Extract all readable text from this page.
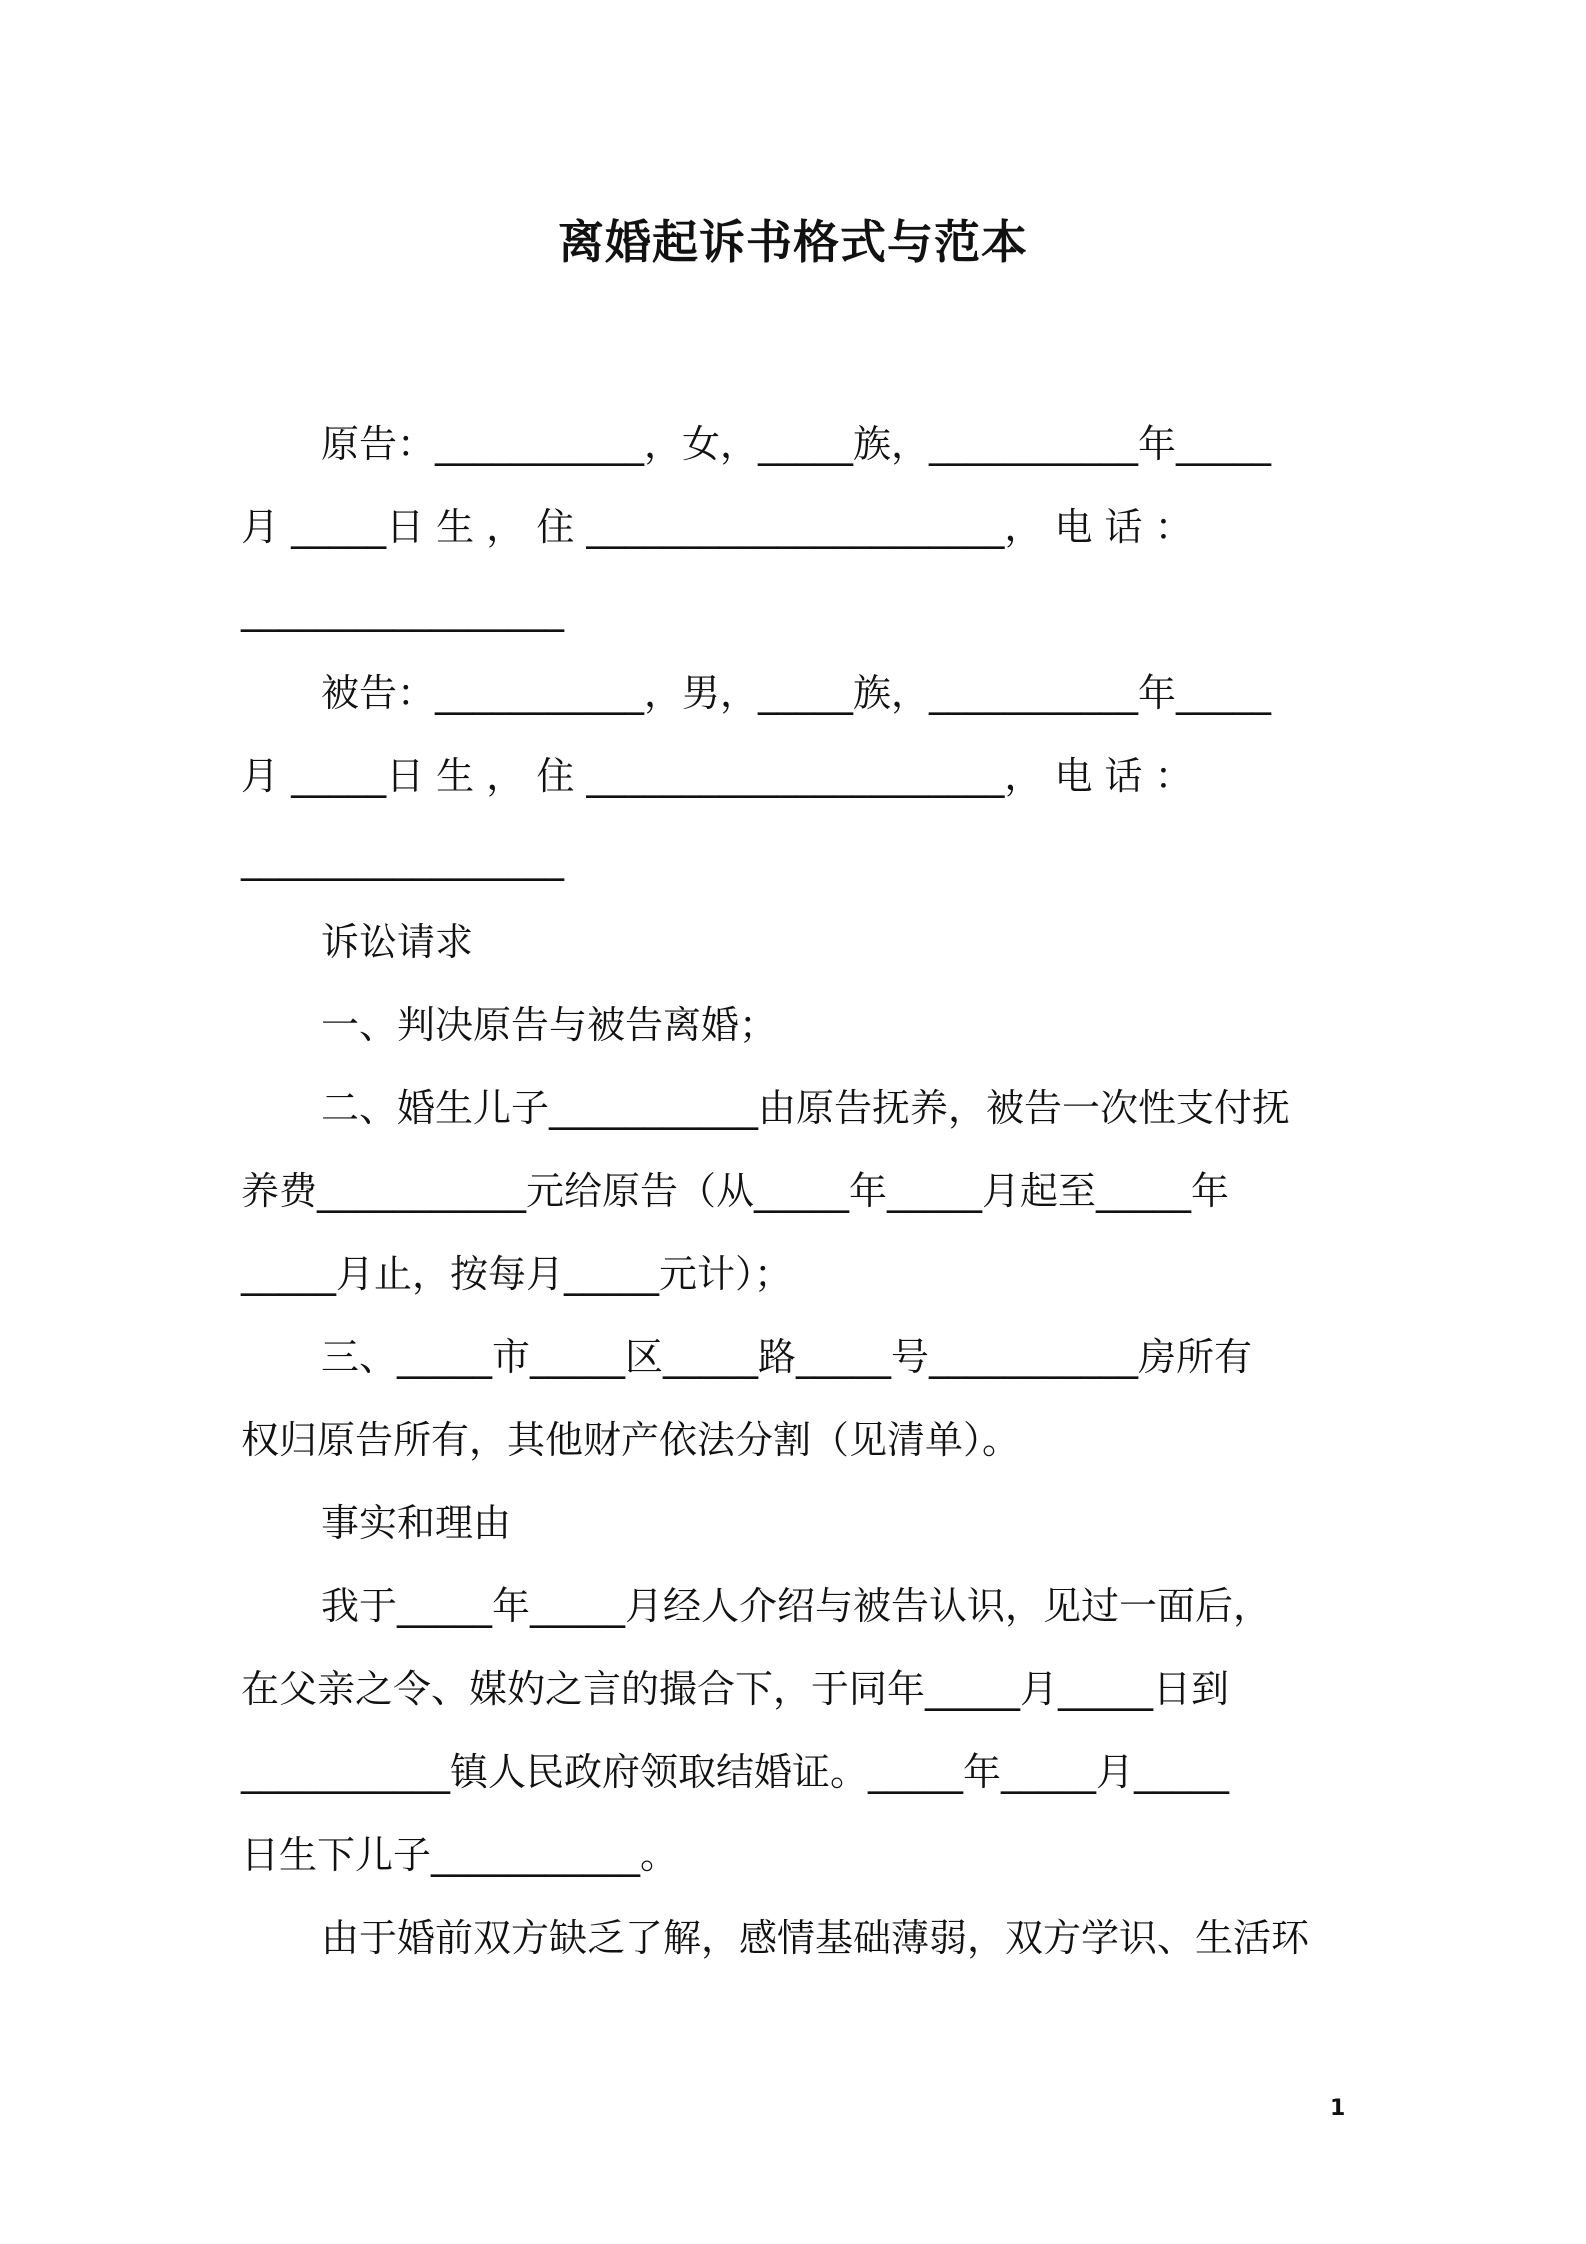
离婚起诉书格式与范本
原告：___________，女，_____族，___________年_____
月 _____日 生 ， 住 ______________________， 电 话 ：
_________________
被告：___________，男，_____族，___________年_____
月 _____日 生 ， 住 ______________________， 电 话 ：
_________________
诉讼请求
一、判决原告与被告离婚；
二、婚生儿子___________由原告抚养，被告一次性支付抚
养费___________元给原告（从_____年_____月起至_____年
_____月止，按每月_____元计）；
三、_____市_____区_____路_____号___________房所有
权归原告所有，其他财产依法分割（见清单）。
事实和理由
我于_____年_____月经人介绍与被告认识，见过一面后，
在父亲之令、媒妁之言的撮合下，于同年_____月_____日到
___________镇人民政府领取结婚证。_____年_____月_____
日生下儿子___________。
由于婚前双方缺乏了解，感情基础薄弱，双方学识、生活环
1
